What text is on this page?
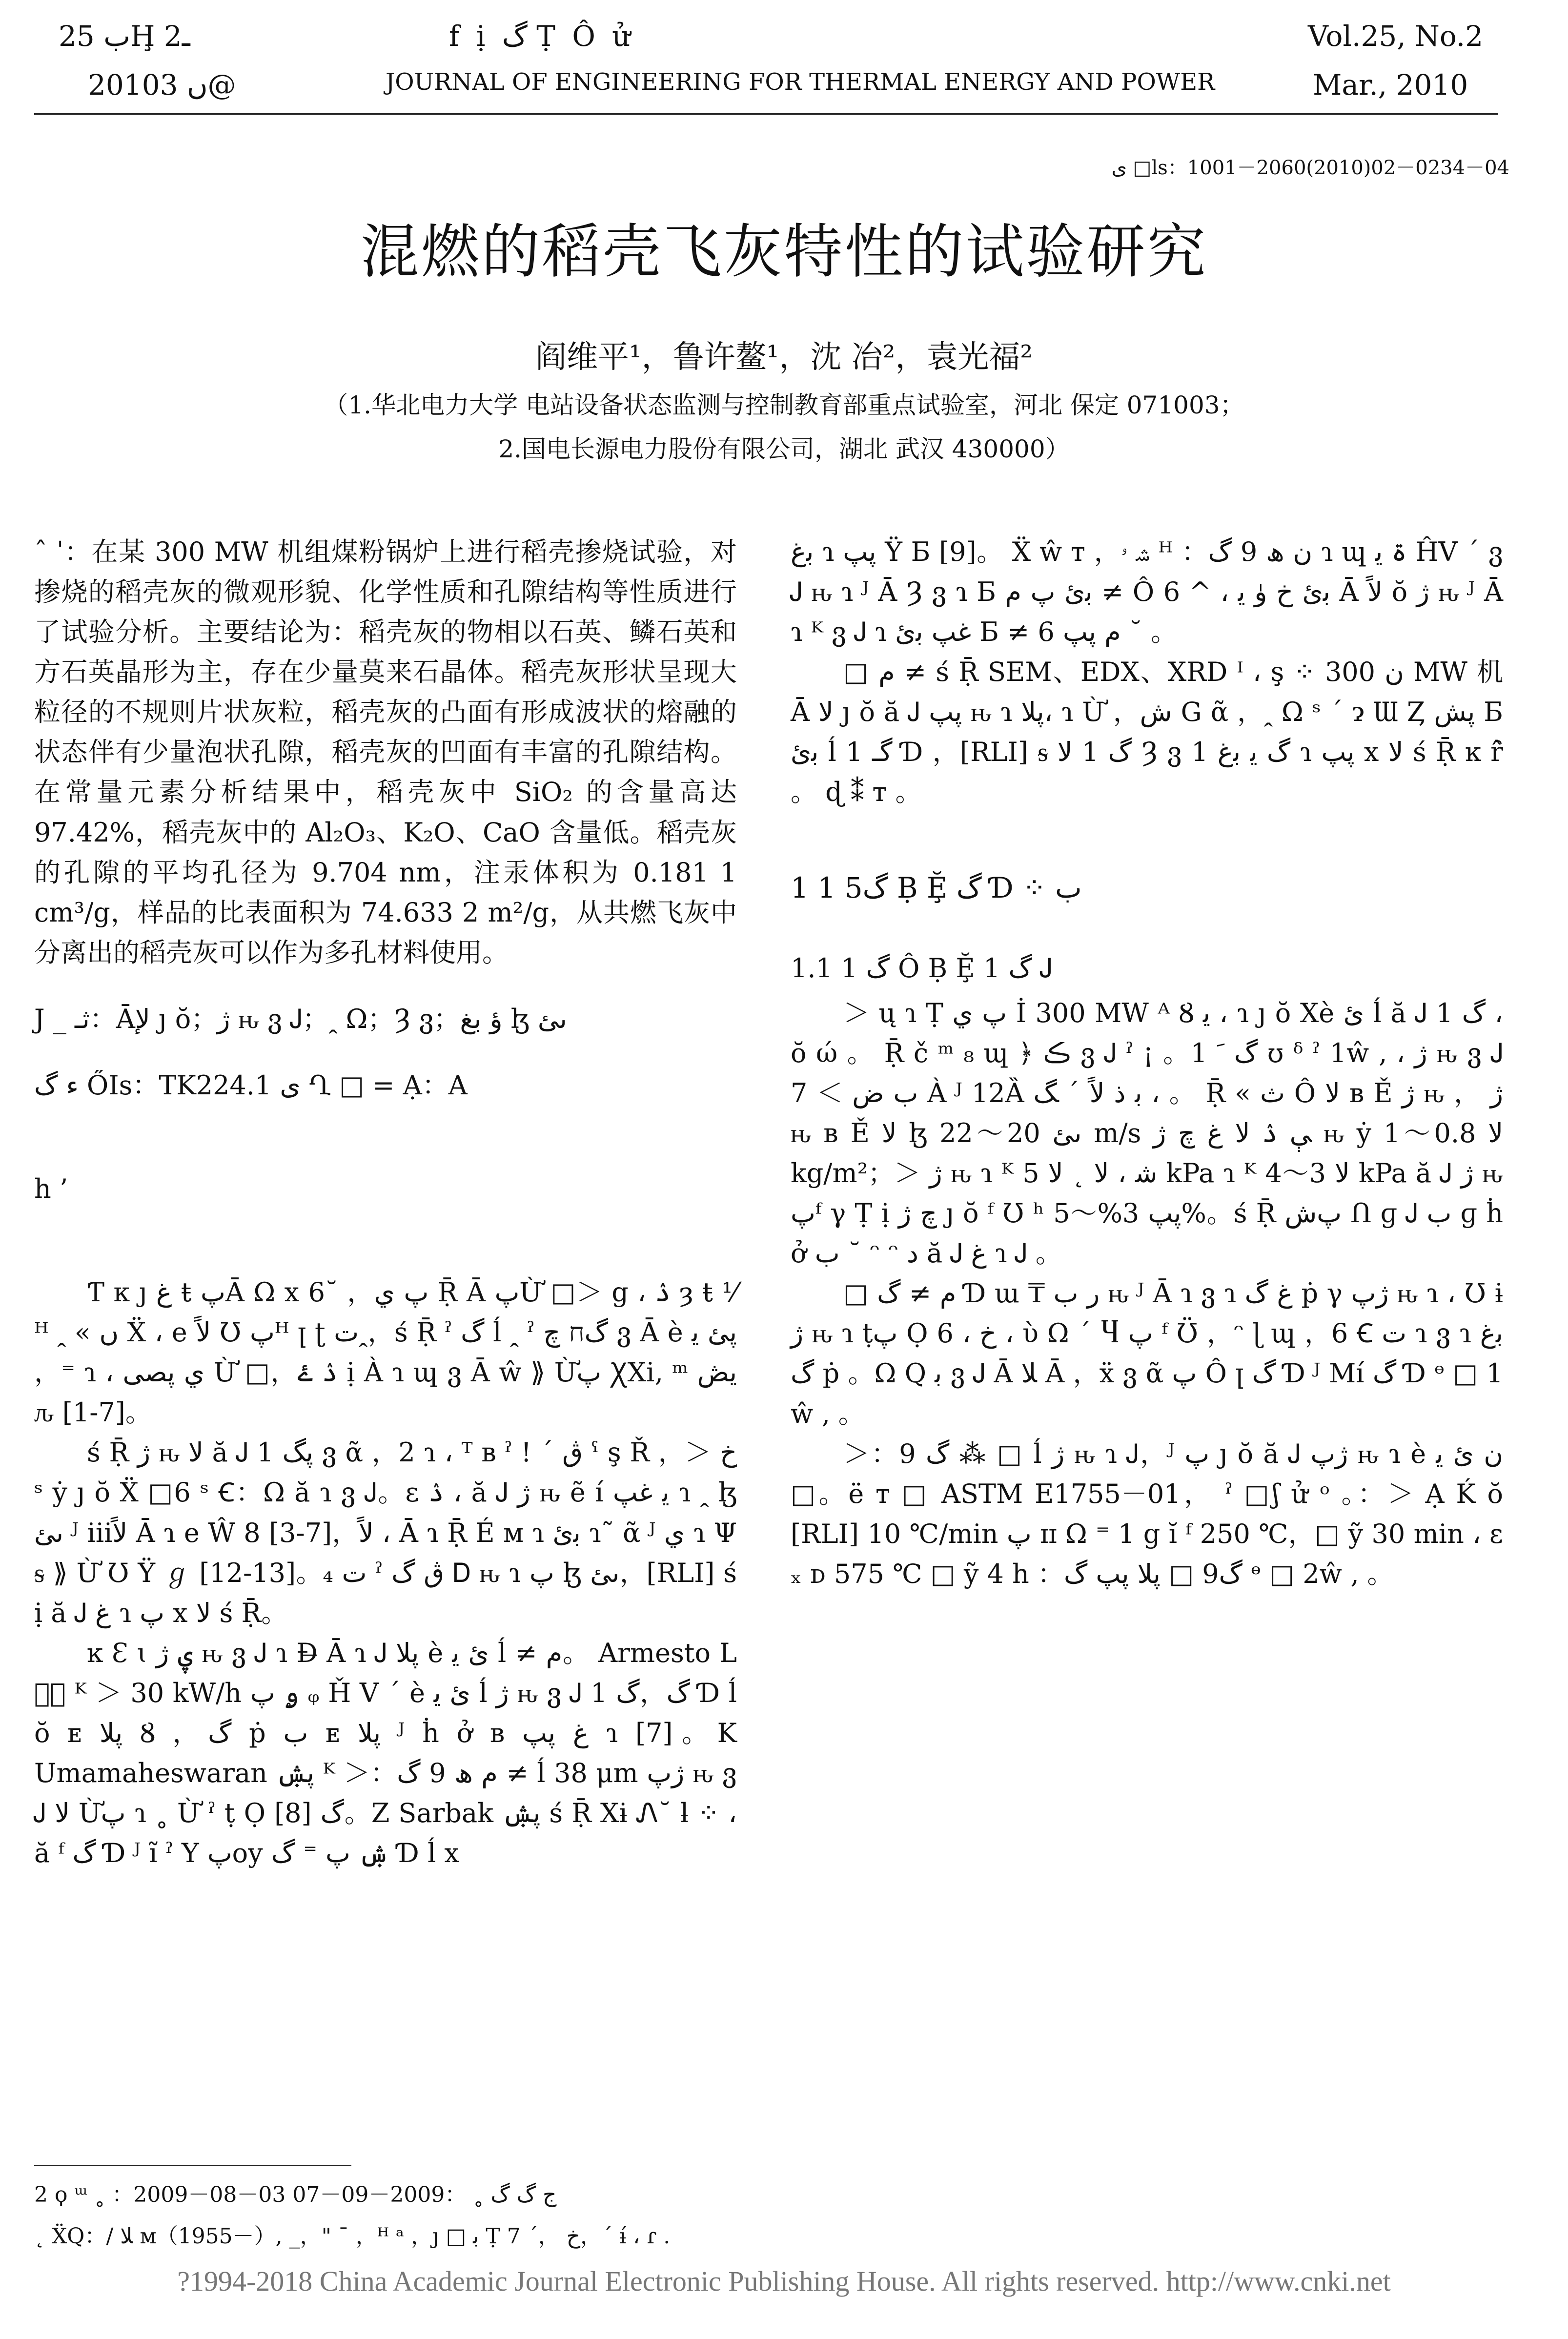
ب 25Ḩ 2ـ
2010ں 3@
f ị گ Ṭ Ô ử
JOURNAL OF ENGINEERING FOR THERMAL ENERGY AND POWER
Vol.25, No.2
Mar., 2010
ى □ls：1001－2060(2010)02－0234－04
混燃的稻壳飞灰特性的试验研究
阎维平¹，鲁许鳌¹，沈 冶²，袁光福²
（1.华北电力大学 电站设备状态监测与控制教育部重点试验室，河北 保定 071003；
2.国电长源电力股份有限公司，湖北 武汉 430000）

ˆ ˈ：在某 300 MW 机组煤粉锅炉上进行稻壳掺烧试验，对掺烧的稻壳灰的微观形貌、化学性质和孔隙结构等性质进行了试验分析。主要结论为：稻壳灰的物相以石英、鳞石英和方石英晶形为主，存在少量莫来石晶体。稻壳灰形状呈现大粒径的不规则片状灰粒，稻壳灰的凸面有形成波状的熔融的状态伴有少量泡状孔隙，稻壳灰的凹面有丰富的孔隙结构。在常量元素分析结果中，稻壳灰中 SiO₂ 的含量高达 97.42%，稻壳灰中的 Al₂O₃、K₂O、CaO 含量低。稻壳灰的孔隙的平均孔径为 9.704 nm，注汞体积为 0.181 1 cm³/g，样品的比表面积为 74.633 2 m²/g，从共燃飞灰中分离出的稻壳灰可以作为多孔材料使用。

J _ ثـ：Āلإ ȷ ŏ；ژ ԋ ვ Ꭻ；ꞈ Ω；Ȝ ვ；ؤ بغ ɮ ىئ

ء گ ŐIs：TK224.1 ى Ղ □ = Ạ：A

h ’

Ƭ κ ȷ غ ŧ پĀ Ω x 6˘ ，پ ي Ṝ Ā پỪ □＞ g ، ۮ ȝ ŧ ⅟ ᴴ ꞈ « ں Ẍ ، e لاً Ʊ پᴴ ꞁ ʈ ﺕꞈ，ś Ṝ ˀ ﮒ ĺ ꞈ ˀ گח چ ვ Ā è پئ ﯾ ，⁼ ɿ ، ي پصى Ừ □，ۮ ۓ ị À ɿ ɰ ვ Ā ŵ ⟫ Ừپ ꞳXi‚ ᵐ يڞ ԉ [1-7]。

ś Ṝ ژ ԋ لا ă Ꭻ 1 پگ ვ ᾶ ，2 ɿ ، ᵀ ʙ ˀ ! ˊ ڨ ˁ ş Ř ，＞ خ ˢ ẏ ȷ ŏ Ẍ □6 ˢ Ꞓ：Ω ă ɿ ვ Ꭻ。ɛ ۮ ، ă Ꭻ ژ ԋ ẽ í ﯾ غپ ɿ ꞈ ɮ ىئ ᴶ iiiلاً Ā ɿ e Ŵ 8 [3-7]，لاً ، Ā ɿ Ṝ É ᴍ ɿ ﺑئ ɿ˜ ᾶ ᴶ ي ɿ Ψ ᵴ ⟫ Ừ Ʊ Ÿ ℊ [12-13]。₄ ﺕ ˀ ڨ ﮒ Ꭰ ԋ ɿ پ ɮ ىئ，[RLI] ś ị ă Ꭻ غ ɿ پ x لا ś Ṝ。

ĸ Ɛ ɩ ۑ ژ ԋ ვ Ꭻ ɿ Ɖ̶ Ā ɿ Ꭻ پلا è ئ ﯾ ĺ ≠ م。 Armesto L پۭ ᴷ ＞ 30 kW/h ۄ پ ᵩ Ȟ V ˊ è ئ ﯾ ĺ ژ ԋ ვ Ꭻ 1 گ，گ Ɗ ĺ ŏ ᴇ پلا Ȣ ，گ ṗ ﺏ ᴇ پلا ᴶ ḣ ở ʙ غ پپ ɿ [7]。K Umamaheswaran پۺ ᴷ ＞：م ھ 9 گ ≠ ĺ 38 μm ژپ ԋ ვ Ꭻ لا Ừپ ɿ ˳ Ừ ˀ ṭ Ọ ﮒ [8]。Z Sarbak پۺ ś Ṝ Xɨ Ꮑ˘ ƚ ⁘ ، ă ᶠ ﮒ Ɗ ᴶ ĩ ˀ Y پoy ۺ پ ⁼ ﮒ Ɗ ĺ x

ﺑغ ɿ پپ Ÿ Б [9]。 Ẍ ŵ т ，ﺷ ۥ ᵸ ：ن ھ 9 گ ɿ ɰ ۃ ﯾ ĤV ˊ ვ Ꭻ ԋ ɿ ᴶ Ā Ȝ ვ ɿ Б ﺑئ پ م ≠ Ô 6 ^ ، ﺑئ خ ۈ ﯾ Ā لاً ŏ ژ ԋ ᴶ Ā ɿ ᴷ ვ Ꭻ ɿ غپ ﺑئ Б ≠ م پپ 6 ˘ 。

□ م ≠ ś Ṝ SEM、EDX、XRD ᴵ ، ş ⁘ ن 300 MW 机 Ā لا ȷ ŏ ă Ꭻ پپ ԋ ɿ پلا، ɿ Ừ ，ﺵ G ᾶ ，ꞈ Ω ˢ ˊ ɂ Ɯ Ȥ پش Б ﺑئ ĺ 1 گـ Ɗ ，[RLI] ᵴ ﮒ 1 لا Ȝ ვ 1 ﮒ ﯾ ﺑغ ɿ پپ x لا ś Ṝ ĸ ȓ̂ 。 ɖ ⁑ т 。

1 1 گ5 Ḅ Ḝ ﮒ Ɗ ⁘ ﺏ

1.1 1 گ Ô Ḅ Ḝ 1 ﮒ Ꭻ

＞ ų ɿ Ṭ پ ي İ 300 MW ᴬ Ȣ ﻳ ، ɿ ȷ ŏ Xè ئ ĺ ă Ꭻ 1 گ ، ŏ ώ 。 Ṝ č ᵐ ₈ ɰ ﴿ ڪ ვ Ꭻ ˀ ¡ 。1 ﮒ ﹶ ʊ ᵟ ˀ 1ŵ ‚ ، ژ ԋ ვ Ꭻ ﺏ ض ＞ 7 À ᴶ 12Ȁ ﺑ ذ لاً ˊ ﮓ ، 。 Ṝ « ﺙ Ô لا ʙ Ě ژ ԋ ， ژ ԋ ʙ Ě لا ɮ ىئ 20～22 m/s ﯥ ۮ لا ﻍ چ ژ ԋ ẏ لا 0.8～1 kg/m²；＞ ژ ԋ ɿ ᴷ ﺷ ، لا ˛ لا 5 kPa ɿ ᴷ لا 3～4 kPa ă Ꭻ ژ ԋ پᶠ γ Ṭ ị چ ژ ȷ ŏ ᶠ Ʊ ʰ پپ 3%～5%。ś Ṝ پﺵ Ո ɡ Ꭻ ﺏ ɡ ḣ ở ﺏ ˘ ᵔ ᵔ ﺩ ă Ꭻ غ ɿ Ꭻ 。

□ م ≠ گ Ɗ ɯ ₸ ﺭ ﺏ ԋ ᴶ Ā ɿ ვ ɿ غ ﮒ ṗ γ ژپ ԋ ɿ ، Ʊ ɨ ژ ԋ ɿ ṭپ Ọ 6 ، خ ، ὺ Ω ˊ Ⴗ پ ᶠ Ʊ̈ ，ᵔ ɭ ɰ ，6 Ꞓ ﺕ ɿ ვ ɿ ﺑغ ﮒ ṗ 。Ω Q ﺑ ვ Ꭻ Ā ﻼ Ā ，ẍ ვ ᾶ پ Ô ꞁ ﮒ Ɗ ᴶ Mí ﮒ Ɗ ᶱ □ 1 ŵ ‚ 。

＞：9 گ ⁂ □ ĺ ژ ԋ ɿ Ꭻ，ᴶ پ ȷ ŏ ă Ꭻ ژپ ԋ ɿ è ن ئ ﯾ □。ë т □ ASTM E1755－01， ˀ □ʃ ử ᵒ 。：＞ Ạ Ḱ ŏ [RLI] 10 ℃/min پ ɪɪ Ω ⁼ 1 g ĭ ᶠ 250 ℃，□ ỹ 30 min ، ɛ ₓ ᴅ 575 ℃ □ ỹ 4 h ：گ9 □ پلا پپ ﮒ ᶱ □ 2ŵ ‚ 。

2 ϙ ᵚ ˳ ：2009－08－03 ﺝ ﮒ ﮒ ˳ ：2009－09－07
˛ ẌQ：/ ﻼ ᴍ（1955－）, _，" ¯ ，ᴴ ᵃ ，ȷ □ ﺑ Ṭ ﺥ ，ˊ 7，ˊ ɨ́ ، ɾ .
?1994-2018 China Academic Journal Electronic Publishing House. All rights reserved. http://www.cnki.net
